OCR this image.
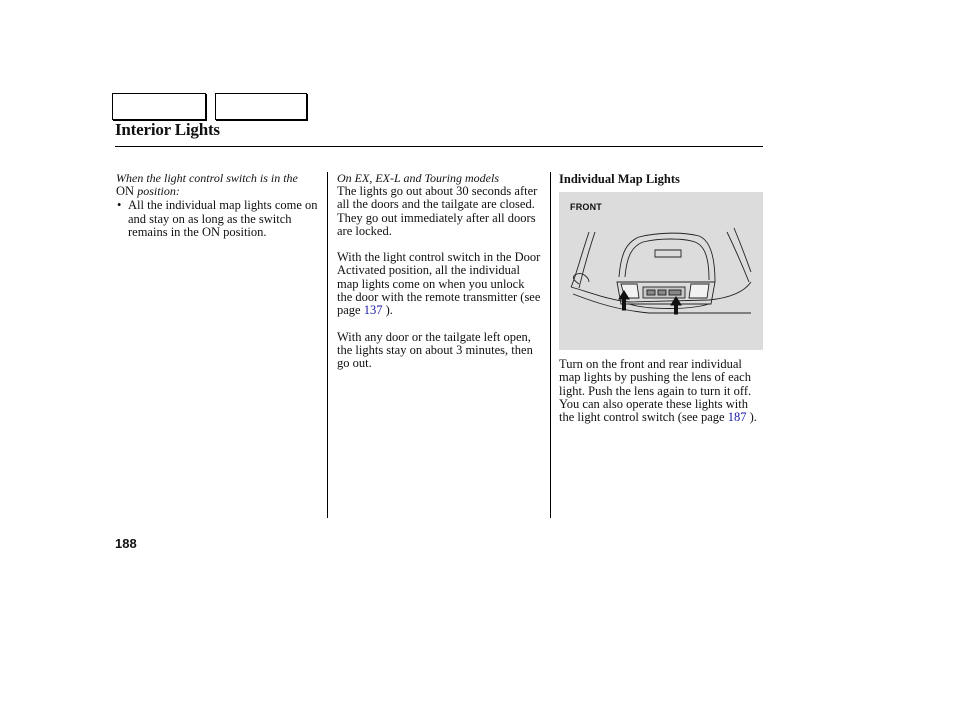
Interior Lights
When the light control switch is in the
ON position:
• All the individual map lights come on and stay on as long as the switch remains in the ON position.
On EX, EX-L and Touring models

The lights go out about 30 seconds after all the doors and the tailgate are closed. They go out immediately after all doors are locked.

With the light control switch in the Door Activated position, all the individual map lights come on when you unlock the door with the remote transmitter (see page 137 ).

With any door or the tailgate left open, the lights stay on about 3 minutes, then go out.

Individual Map Lights
FRONT

Turn on the front and rear individual map lights by pushing the lens of each light. Push the lens again to turn it off. You can also operate these lights with the light control switch (see page 187 ).

188
